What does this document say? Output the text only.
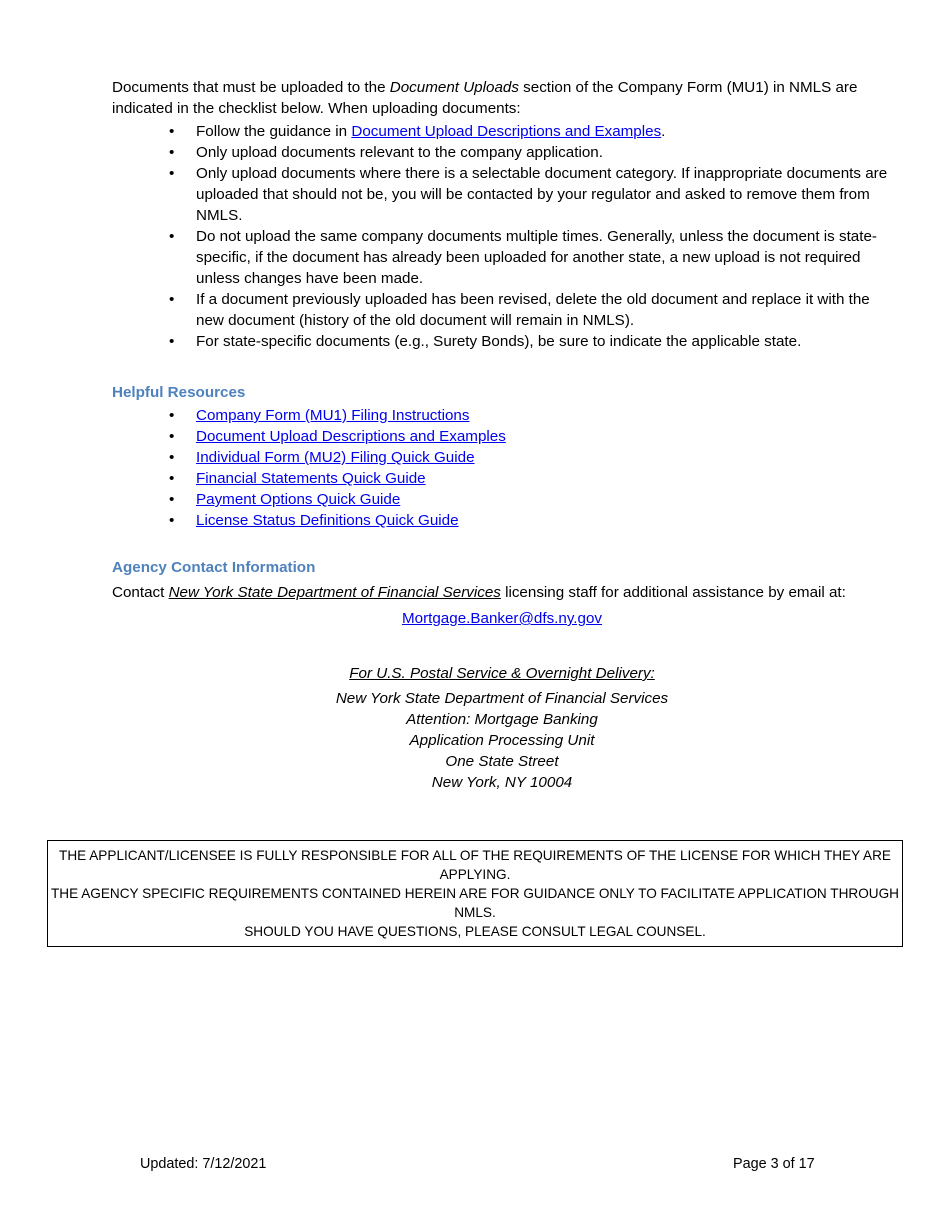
Documents that must be uploaded to the Document Uploads section of the Company Form (MU1) in NMLS are indicated in the checklist below. When uploading documents:

• Follow the guidance in Document Upload Descriptions and Examples.
• Only upload documents relevant to the company application.
• Only upload documents where there is a selectable document category. If inappropriate documents are uploaded that should not be, you will be contacted by your regulator and asked to remove them from NMLS.
• Do not upload the same company documents multiple times. Generally, unless the document is state-specific, if the document has already been uploaded for another state, a new upload is not required unless changes have been made.
• If a document previously uploaded has been revised, delete the old document and replace it with the new document (history of the old document will remain in NMLS).
• For state-specific documents (e.g., Surety Bonds), be sure to indicate the applicable state.

Helpful Resources

• Company Form (MU1) Filing Instructions
• Document Upload Descriptions and Examples
• Individual Form (MU2) Filing Quick Guide
• Financial Statements Quick Guide
• Payment Options Quick Guide
• License Status Definitions Quick Guide

Agency Contact Information

Contact New York State Department of Financial Services licensing staff for additional assistance by email at:

Mortgage.Banker@dfs.ny.gov

For U.S. Postal Service & Overnight Delivery:
New York State Department of Financial Services
Attention: Mortgage Banking
Application Processing Unit
One State Street
New York, NY 10004
THE APPLICANT/LICENSEE IS FULLY RESPONSIBLE FOR ALL OF THE REQUIREMENTS OF THE LICENSE FOR WHICH THEY ARE APPLYING.
THE AGENCY SPECIFIC REQUIREMENTS CONTAINED HEREIN ARE FOR GUIDANCE ONLY TO FACILITATE APPLICATION THROUGH NMLS.
SHOULD YOU HAVE QUESTIONS, PLEASE CONSULT LEGAL COUNSEL.
Updated: 7/12/2021	Page 3 of 17
